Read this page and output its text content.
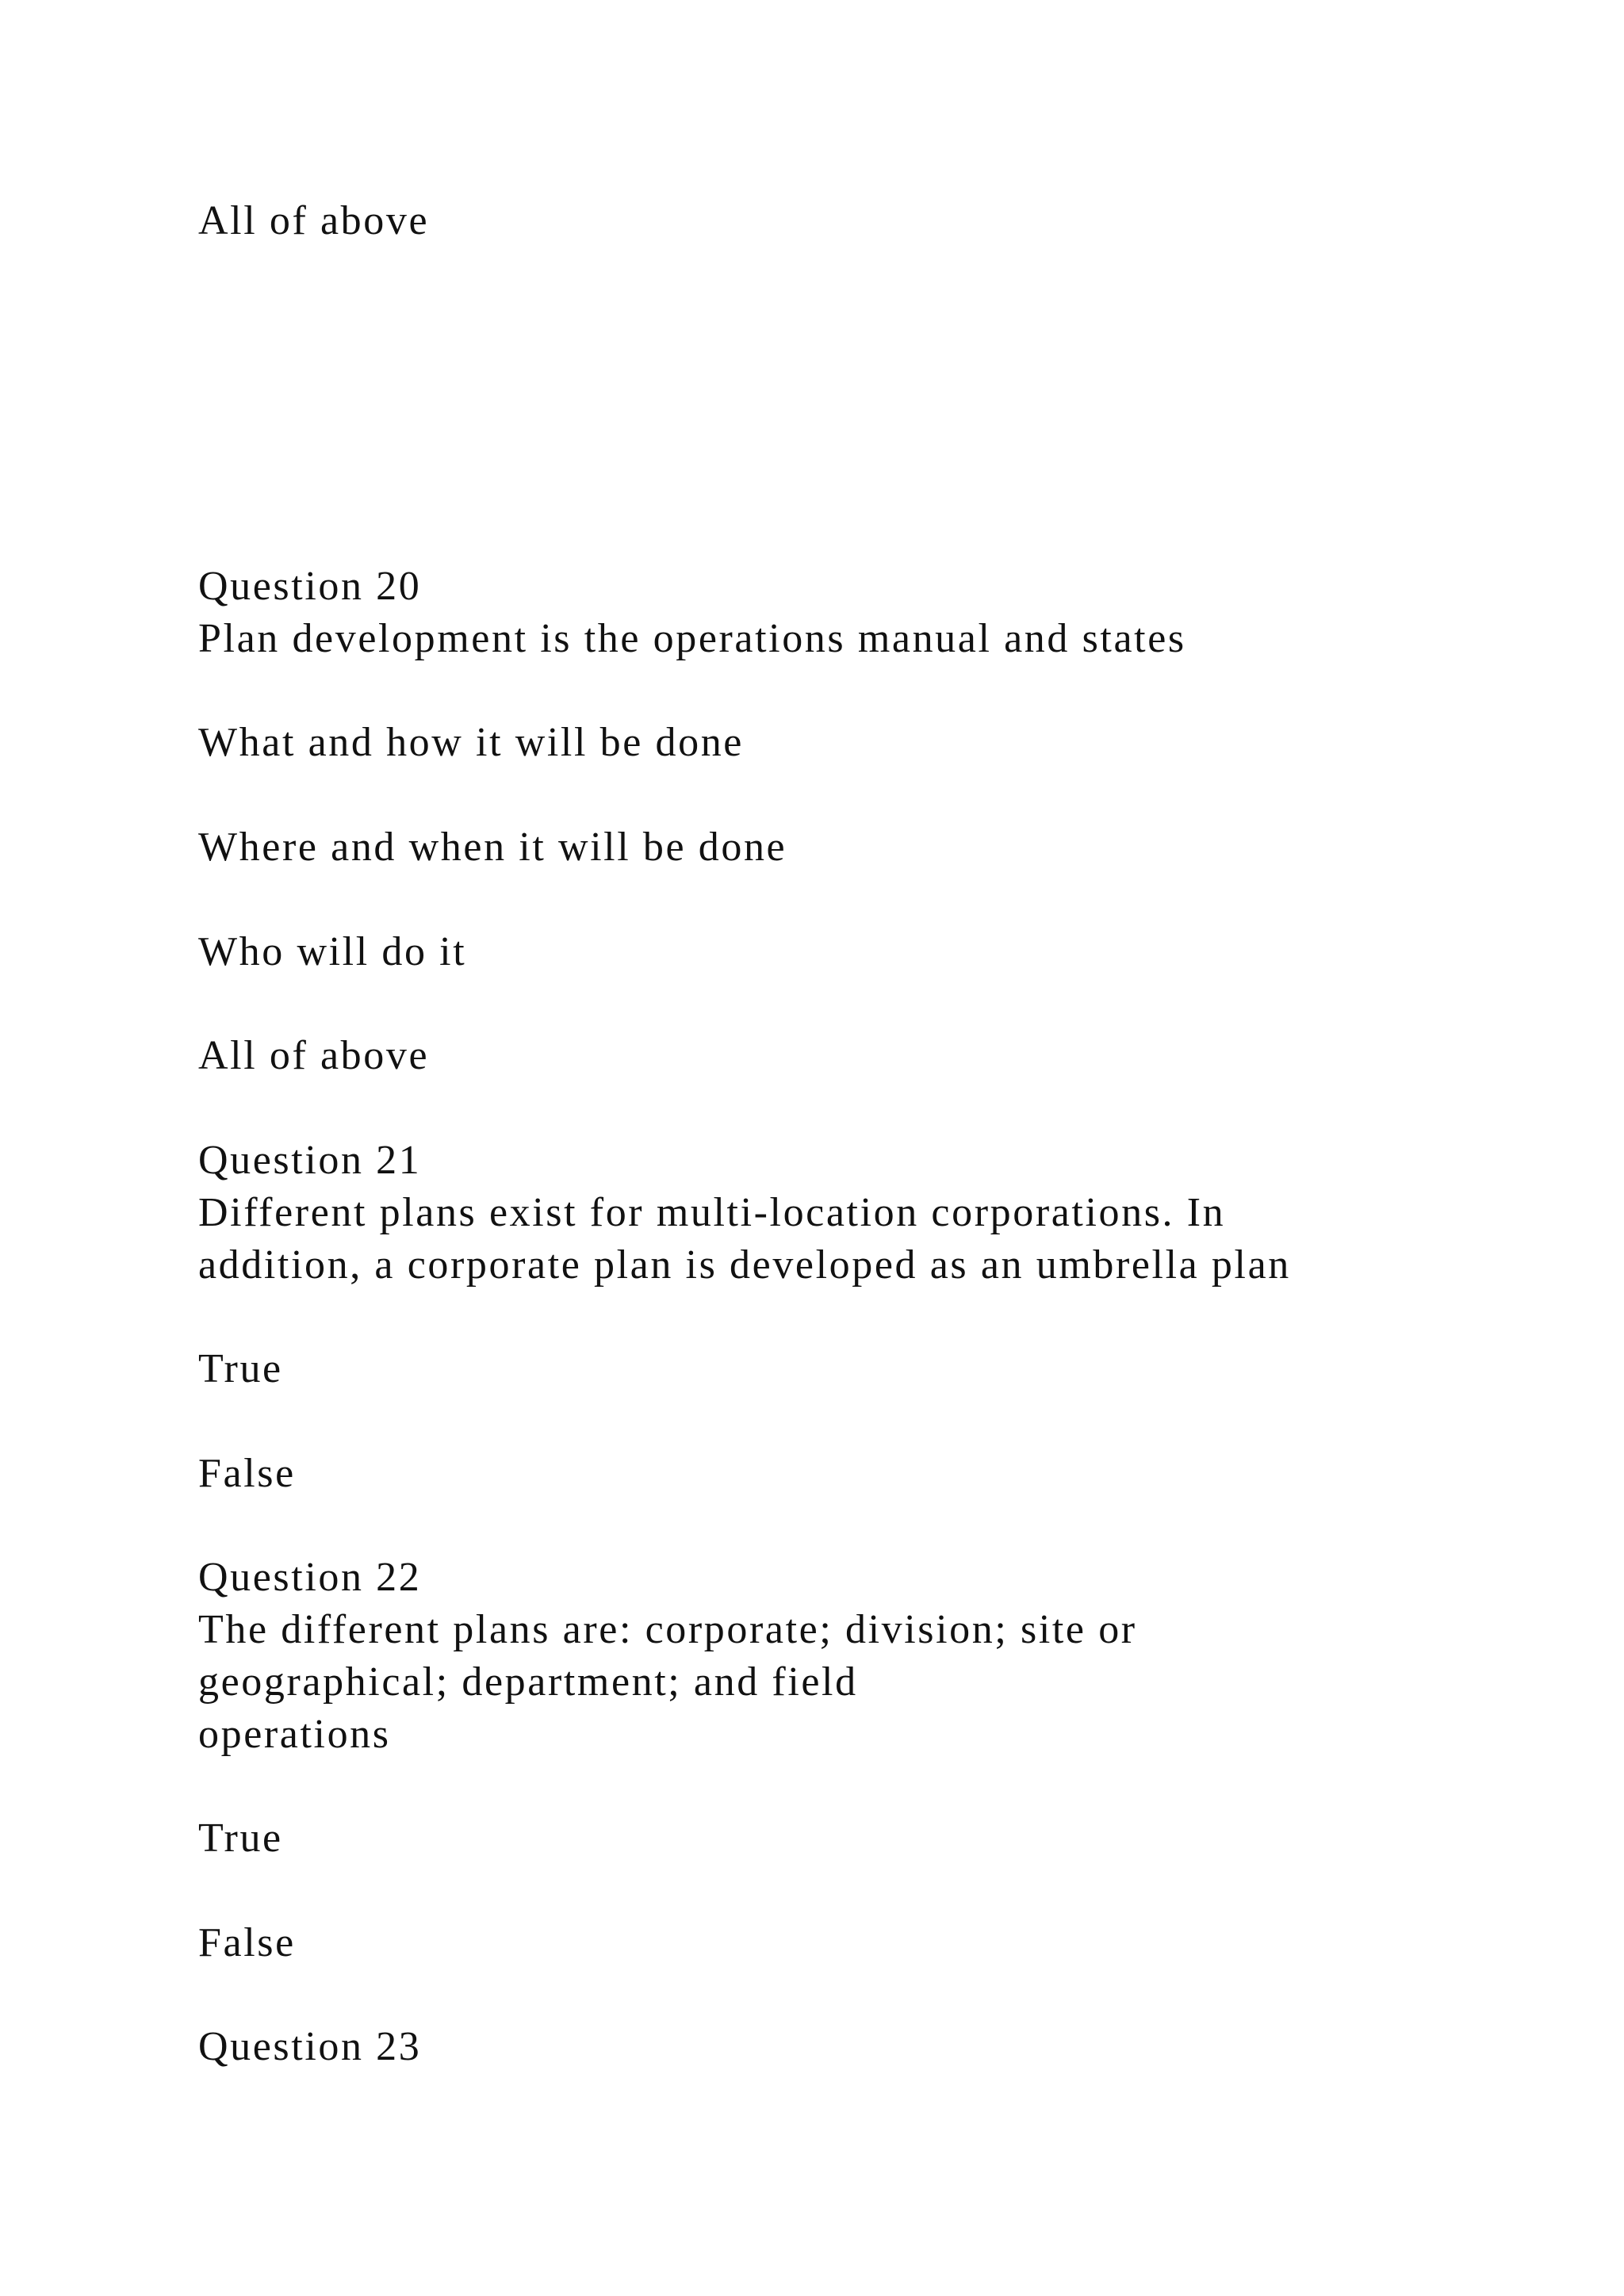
All of above
Question 20
Plan development is the operations manual and states
What and how it will be done
Where and when it will be done
Who will do it
All of above
Question 21
Different plans exist for multi-location corporations. In
addition, a corporate plan is developed as an umbrella plan
True
False
Question 22
The different plans are: corporate; division; site or
geographical; department; and field
operations
True
False
Question 23
